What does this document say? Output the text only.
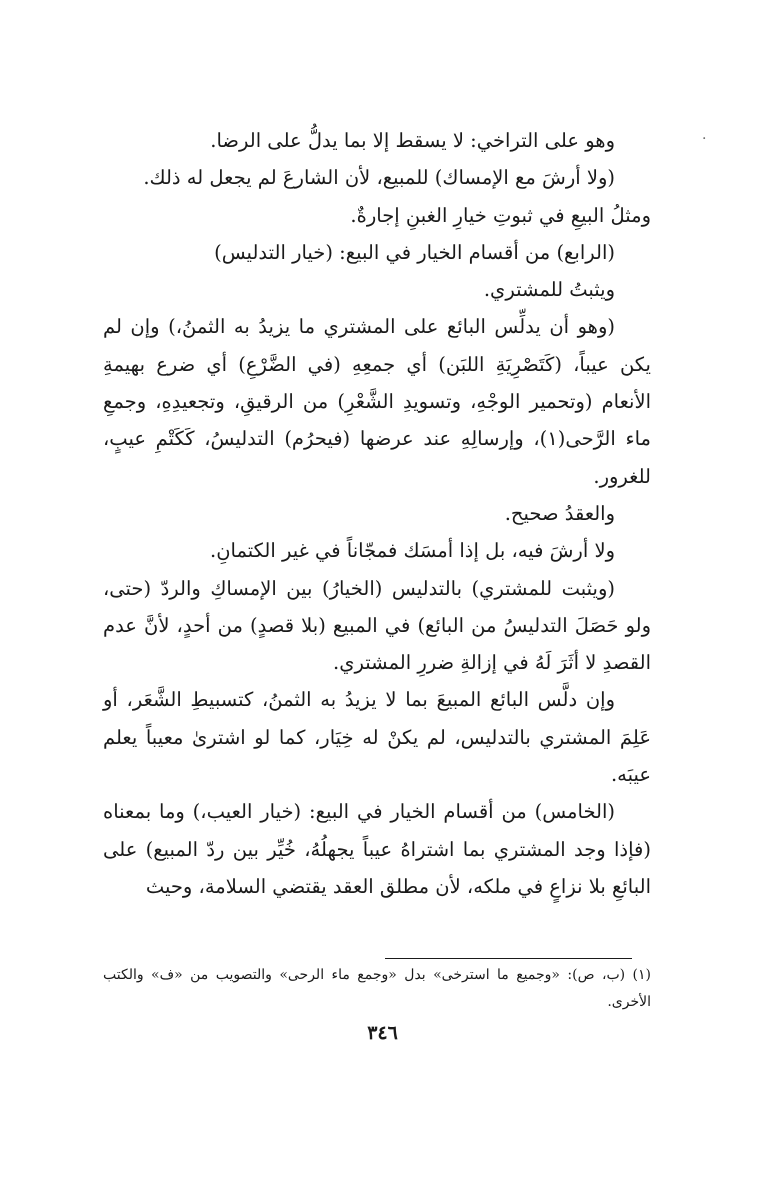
·

وهو على التراخي: لا يسقط إلا بما يدلُّ على الرضا.

(ولا أرشَ مع الإمساك) للمبيع، لأن الشارعَ لم يجعل له ذلك.

ومثلُ البيعِ في ثبوتِ خيارِ الغبنِ إجارةٌ.

(الرابع) من أقسام الخيار في البيع: (خيار التدليس)

ويثبتُ للمشتري.

(وهو أن يدلِّس البائع على المشتري ما يزيدُ به الثمنُ،) وإن لم يكن عيباً، (كَتَصْرِيَةِ اللبَن) أي جمعِهِ (في الضَّرْعِ) أي ضرع بهيمةِ الأنعام (وتحمير الوجْهِ، وتسويدِ الشَّعْرِ) من الرقيقِ، وتجعيدِهِ، وجمعِ ماء الرَّحى(١)، وإرسالِهِ عند عرضها (فيحرُم) التدليسُ، كَكَتْمِ عيبٍ، للغرور.

والعقدُ صحيح.

ولا أرشَ فيه، بل إذا أمسَك فمجّاناً في غير الكتمانِ.

(ويثبت للمشتري) بالتدليس (الخيارُ) بين الإمساكِ والردّ (حتى، ولو حَصَلَ التدليسُ من البائع) في المبيع (بلا قصدٍ) من أحدٍ، لأنَّ عدم القصدِ لا أثَرَ لَهُ في إزالةِ ضررِ المشتري.

وإن دلَّس البائع المبيعَ بما لا يزيدُ به الثمنُ، كتسبيطِ الشَّعَر، أو عَلِمَ المشتري بالتدليس، لم يكنْ له خِيَار، كما لو اشترىٰ معيباً يعلم عيبَه.

(الخامس) من أقسام الخيار في البيع: (خيار العيب،) وما بمعناه (فإذا وجد المشتري بما اشتراهُ عيباً يجهلُهُ، خُيِّر بين ردّ المبيع) على البائعِ بلا نزاعٍ في ملكه، لأن مطلق العقد يقتضي السلامة، وحيث

(١) (ب، ص): «وجميع ما استرخى» بدل «وجمع ماء الرحى» والتصويب من «ف» والكتب الأخرى.

٣٤٦
